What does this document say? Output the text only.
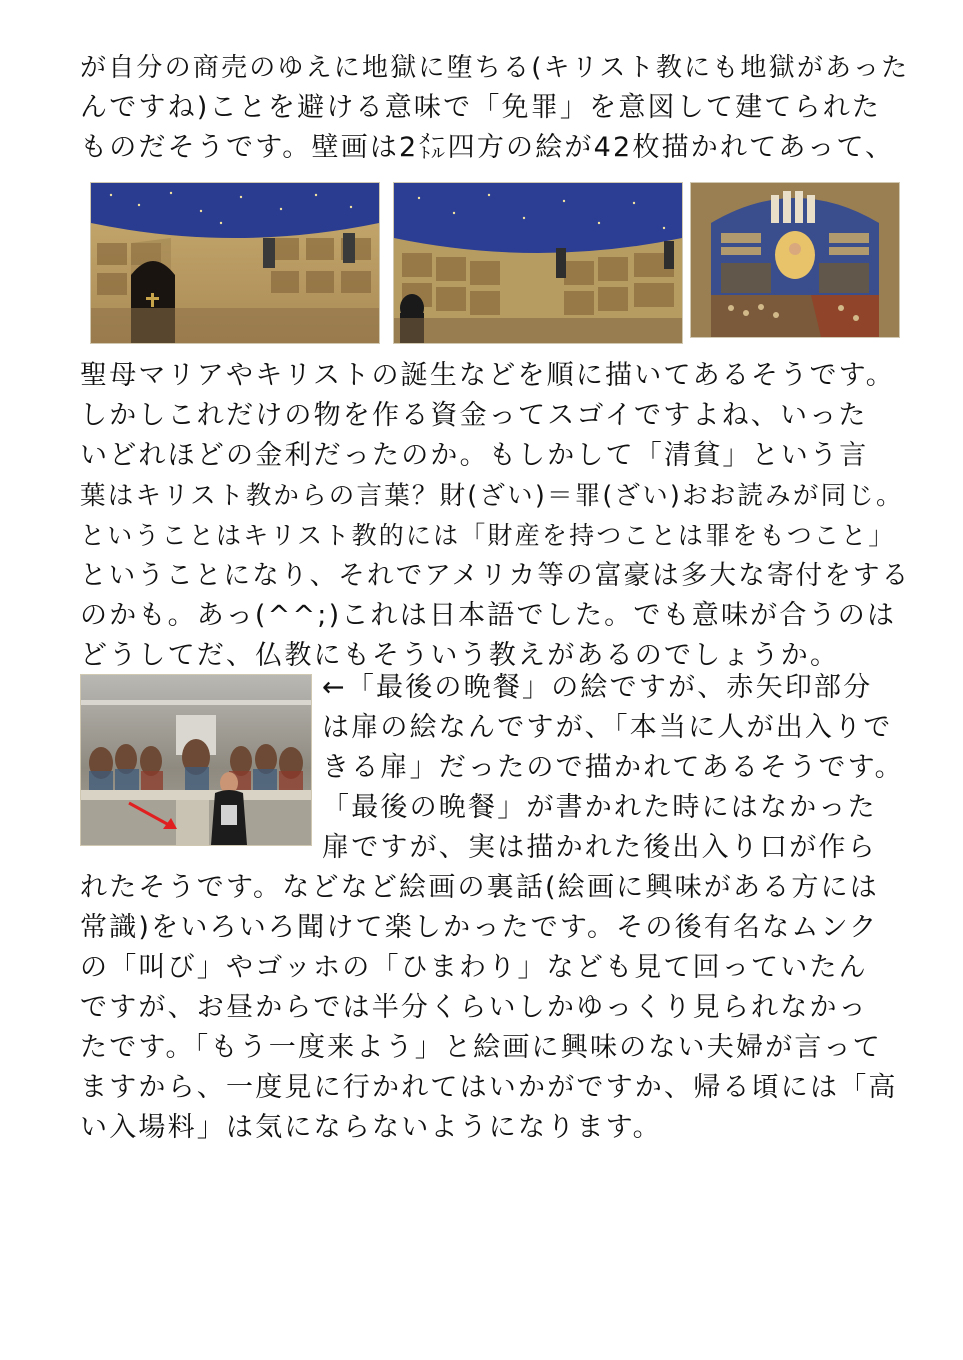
が自分の商売のゆえに地獄に堕ちる(キリスト教にも地獄があった
んですね)ことを避ける意味で「免罪」を意図して建てられた
ものだそうです。壁画は2㍍四方の絵が42枚描かれてあって、
聖母マリアやキリストの誕生などを順に描いてあるそうです。
しかしこれだけの物を作る資金ってスゴイですよね、いった
いどれほどの金利だったのか。もしかして「清貧」という言
葉はキリスト教からの言葉？財(ざい)＝罪(ざい)おお読みが同じ。
ということはキリスト教的には「財産を持つことは罪をもつこと」
ということになり、それでアメリカ等の富豪は多大な寄付をする
のかも。あっ(^^;)これは日本語でした。でも意味が合うのは
どうしてだ、仏教にもそういう教えがあるのでしょうか。
←「最後の晩餐」の絵ですが、赤矢印部分
は扉の絵なんですが、「本当に人が出入りで
きる扉」だったので描かれてあるそうです。
「最後の晩餐」が書かれた時にはなかった
扉ですが、実は描かれた後出入り口が作ら
れたそうです。などなど絵画の裏話(絵画に興味がある方には
常識)をいろいろ聞けて楽しかったです。その後有名なムンク
の「叫び」やゴッホの「ひまわり」なども見て回っていたん
ですが、お昼からでは半分くらいしかゆっくり見られなかっ
たです。「もう一度来よう」と絵画に興味のない夫婦が言って
ますから、一度見に行かれてはいかがですか、帰る頃には「高
い入場料」は気にならないようになります。
